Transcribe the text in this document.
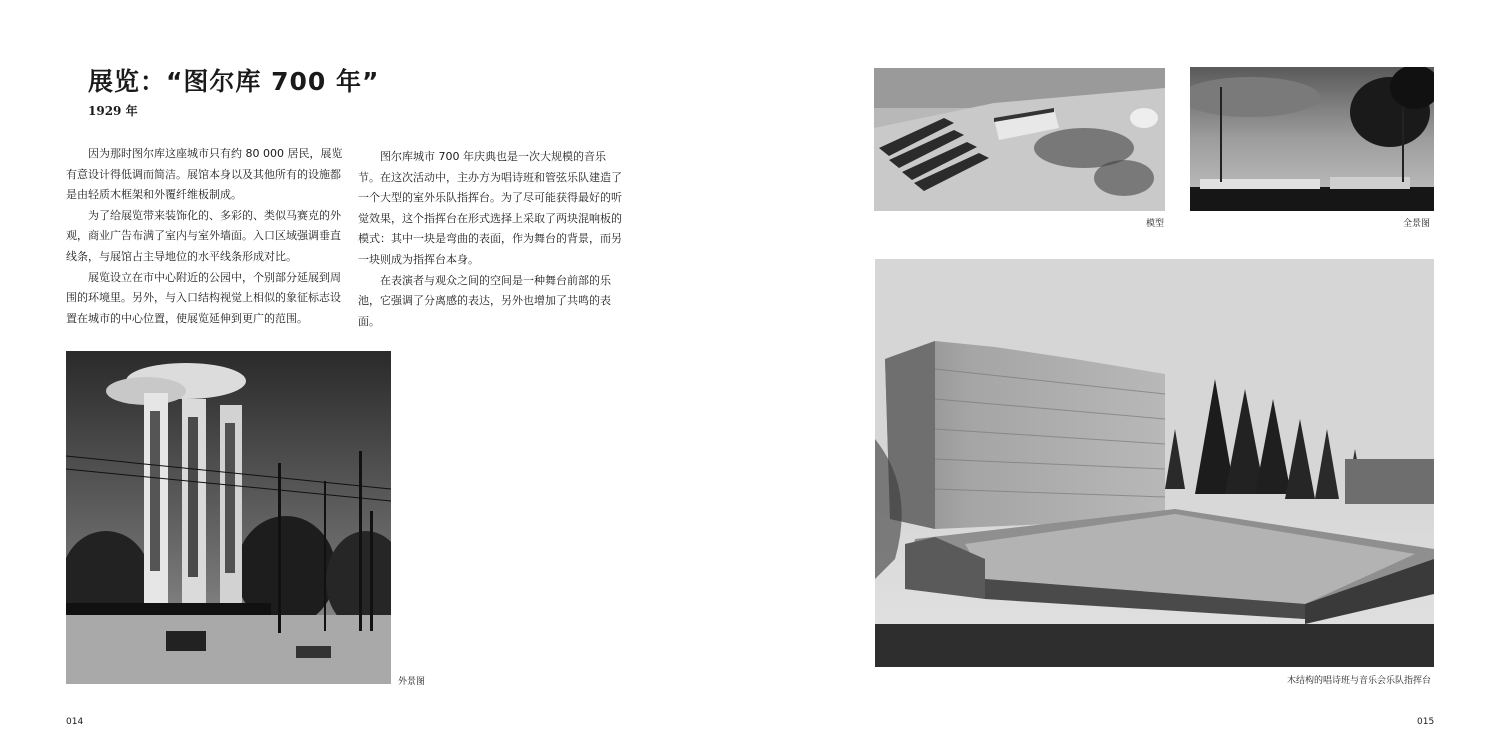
展览：“图尔库 700 年”
1929 年

因为那时图尔库这座城市只有约 80 000 居民，展览有意设计得低调而简洁。展馆本身以及其他所有的设施都是由轻质木框架和外覆纤维板制成。

为了给展览带来装饰化的、多彩的、类似马赛克的外观，商业广告布满了室内与室外墙面。入口区域强调垂直线条，与展馆占主导地位的水平线条形成对比。

展览设立在市中心附近的公园中，个别部分延展到周围的环境里。另外，与入口结构视觉上相似的象征标志设置在城市的中心位置，使展览延伸到更广的范围。

图尔库城市 700 年庆典也是一次大规模的音乐节。在这次活动中，主办方为唱诗班和管弦乐队建造了一个大型的室外乐队指挥台。为了尽可能获得最好的听觉效果，这个指挥台在形式选择上采取了两块混响板的模式：其中一块是弯曲的表面，作为舞台的背景，而另一块则成为指挥台本身。

在表演者与观众之间的空间是一种舞台前部的乐池，它强调了分离感的表达，另外也增加了共鸣的表面。

外景图
014
模型	全景图
木结构的唱诗班与音乐会乐队指挥台
015
